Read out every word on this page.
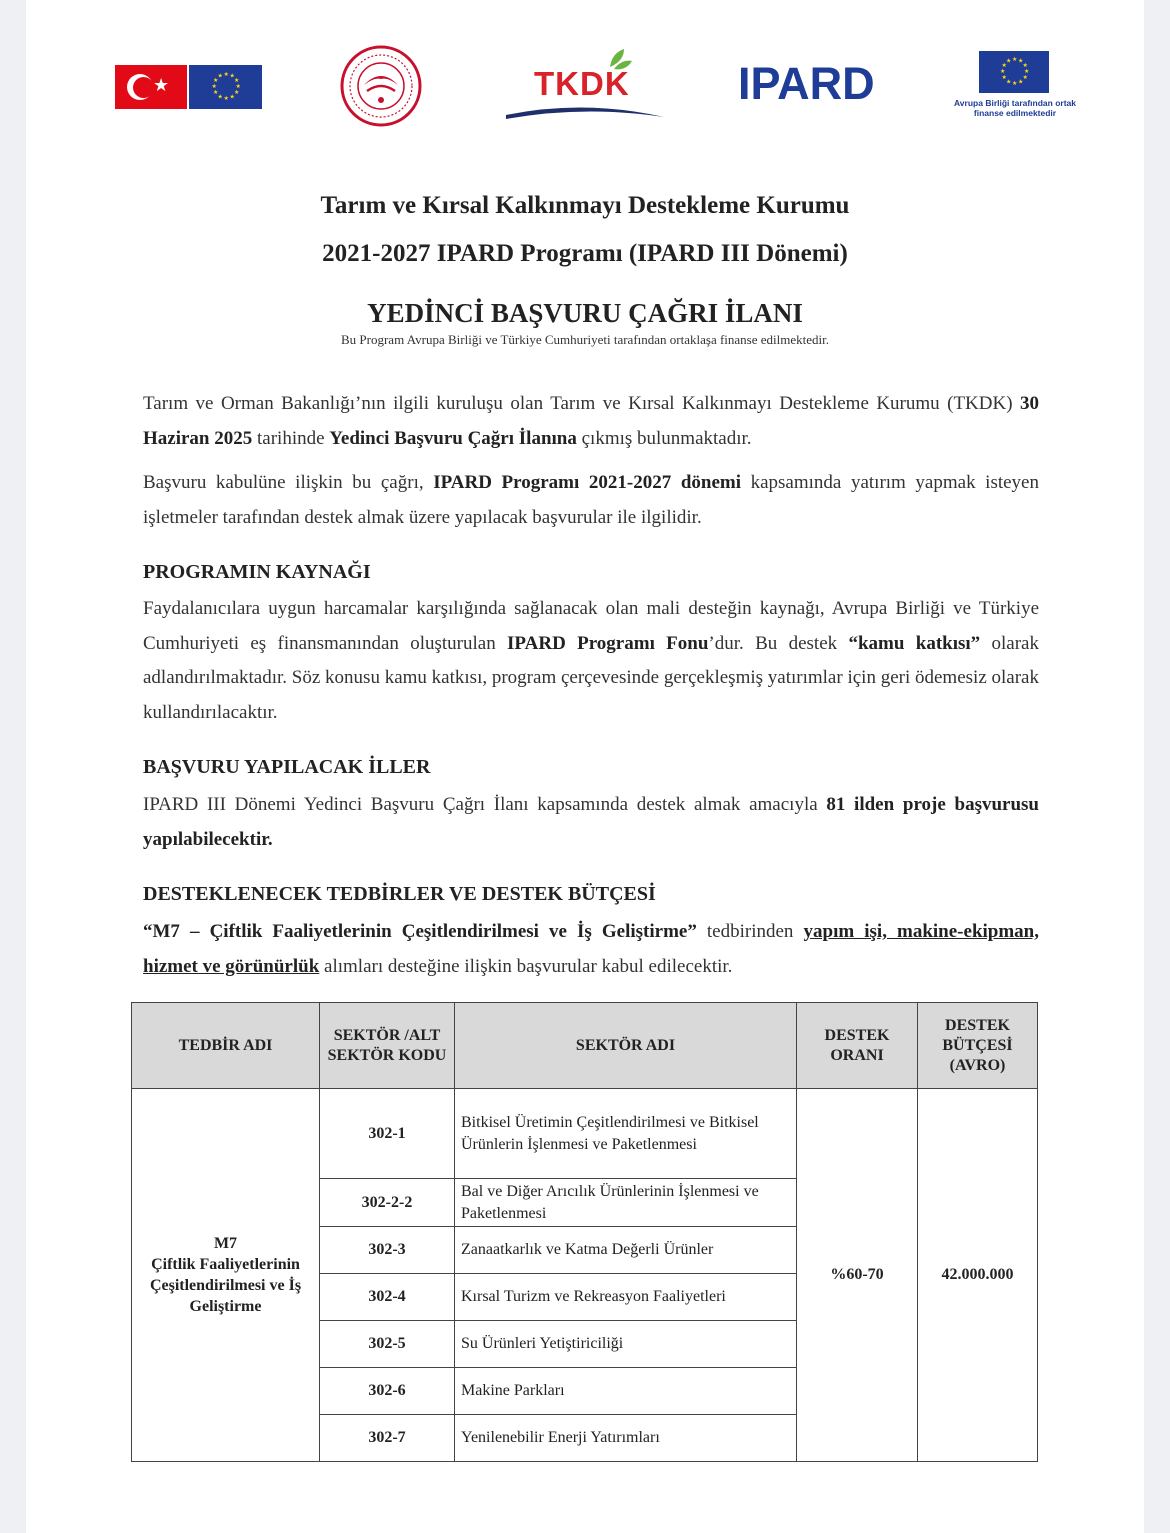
★
★ ★
★
★
★
★
★
★
★
★
★
★	TKDK IPARD	★ ★
★
★
★
★
★
★
★
★
★
★
Avrupa Birliği tarafından ortak finanse edilmektedir
Tarım ve Kırsal Kalkınmayı Destekleme Kurumu
2021-2027 IPARD Programı (IPARD III Dönemi)
YEDİNCİ BAŞVURU ÇAĞRI İLANI
Bu Program Avrupa Birliği ve Türkiye Cumhuriyeti tarafından ortaklaşa finanse edilmektedir.
Tarım ve Orman Bakanlığı’nın ilgili kuruluşu olan Tarım ve Kırsal Kalkınmayı Destekleme Kurumu (TKDK) 30 Haziran 2025 tarihinde Yedinci Başvuru Çağrı İlanına çıkmış bulunmaktadır.
Başvuru kabulüne ilişkin bu çağrı, IPARD Programı 2021-2027 dönemi kapsamında yatırım yapmak isteyen işletmeler tarafından destek almak üzere yapılacak başvurular ile ilgilidir.
PROGRAMIN KAYNAĞI
Faydalanıcılara uygun harcamalar karşılığında sağlanacak olan mali desteğin kaynağı, Avrupa Birliği ve Türkiye Cumhuriyeti eş finansmanından oluşturulan IPARD Programı Fonu’dur. Bu destek “kamu katkısı” olarak adlandırılmaktadır. Söz konusu kamu katkısı, program çerçevesinde gerçekleşmiş yatırımlar için geri ödemesiz olarak kullandırılacaktır.
BAŞVURU YAPILACAK İLLER
IPARD III Dönemi Yedinci Başvuru Çağrı İlanı kapsamında destek almak amacıyla 81 ilden proje başvurusu yapılabilecektir.
DESTEKLENECEK TEDBİRLER VE DESTEK BÜTÇESİ
“M7 – Çiftlik Faaliyetlerinin Çeşitlendirilmesi ve İş Geliştirme” tedbirinden yapım işi, makine-ekipman, hizmet ve görünürlük alımları desteğine ilişkin başvurular kabul edilecektir.
TEDBİR ADI	SEKTÖR /ALT SEKTÖR KODU	SEKTÖR ADI	DESTEK ORANI	DESTEK BÜTÇESİ (AVRO)

M7
Çiftlik Faaliyetlerinin Çeşitlendirilmesi ve İş Geliştirme	302-1	Bitkisel Üretimin Çeşitlendirilmesi ve Bitkisel Ürünlerin İşlenmesi ve Paketlenmesi	%60-70	42.000.000
	302-2-2	Bal ve Diğer Arıcılık Ürünlerinin İşlenmesi ve Paketlenmesi		
	302-3	Zanaatkarlık ve Katma Değerli Ürünler		
	302-4	Kırsal Turizm ve Rekreasyon Faaliyetleri		
	302-5	Su Ürünleri Yetiştiriciliği		
	302-6	Makine Parkları		
	302-7	Yenilenebilir Enerji Yatırımları		
